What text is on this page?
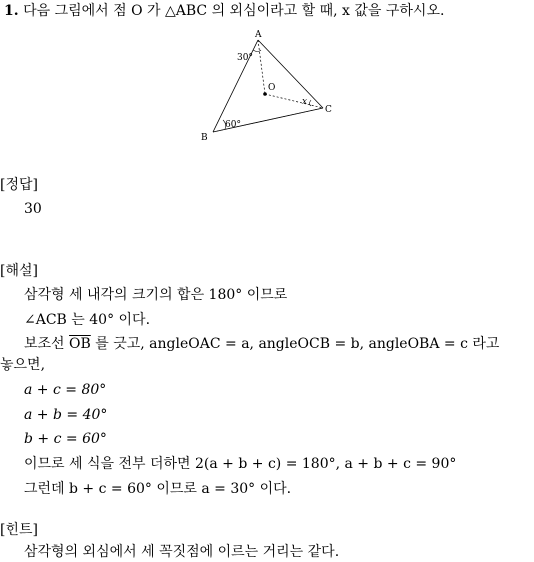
1. 다음 그림에서 점 O 가 △ABC 의 외심이라고 할 때, x 값을 구하시오.
A
B
C
O
30°
60°
x
[정답]
30
[해설]
삼각형 세 내각의 크기의 합은 180° 이므로
∠ACB 는 40° 이다.
보조선 $\overline{OB}$ 를 긋고, angleOAC = a, angleOCB = b, angleOBA = c 라고
놓으면,
a + c = 80°
a + b = 40°
b + c = 60°
이므로 세 식을 전부 더하면 2(a + b + c) = 180°, a + b + c = 90°
그런데 b + c = 60° 이므로 a = 30° 이다.
[힌트]
삼각형의 외심에서 세 꼭짓점에 이르는 거리는 같다.
